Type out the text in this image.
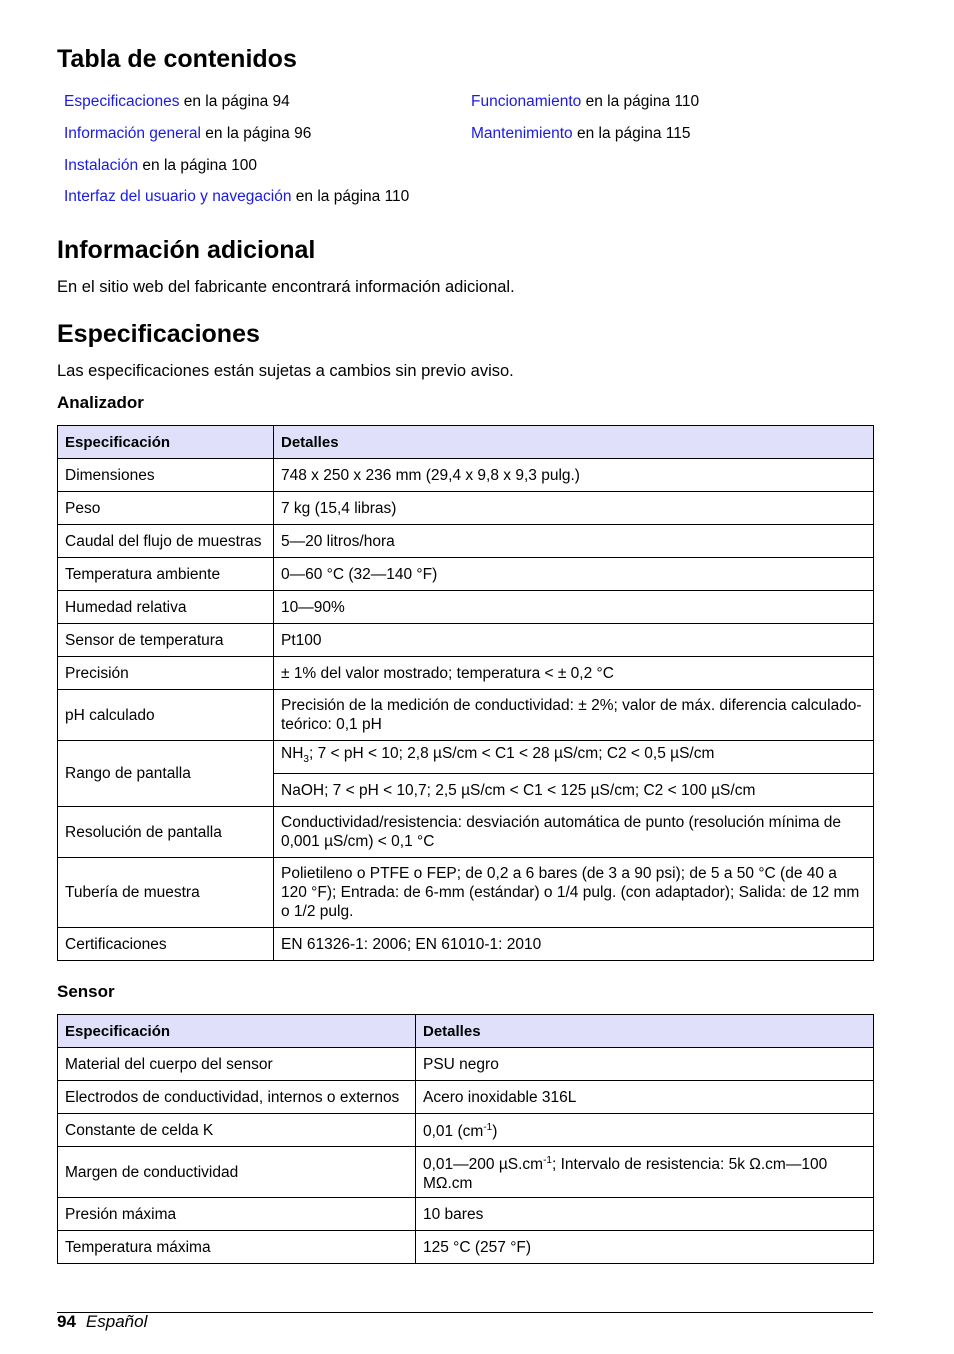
Tabla de contenidos
Especificaciones en la página 94
Información general en la página 96
Instalación en la página 100
Interfaz del usuario y navegación en la página 110
Funcionamiento en la página 110
Mantenimiento en la página 115
Información adicional

En el sitio web del fabricante encontrará información adicional.

Especificaciones

Las especificaciones están sujetas a cambios sin previo aviso.

Analizador
Especificación	Detalles
Dimensiones	748 x 250 x 236 mm (29,4 x 9,8 x 9,3 pulg.)
Peso	7 kg (15,4 libras)
Caudal del flujo de muestras	5—20 litros/hora
Temperatura ambiente	0—60 °C (32—140 °F)
Humedad relativa	10—90%
Sensor de temperatura	Pt100
Precisión	± 1% del valor mostrado; temperatura < ± 0,2 °C
pH calculado	Precisión de la medición de conductividad: ± 2%; valor de máx. diferencia calculado-teórico: 0,1 pH
Rango de pantalla	$NH_3$; 7 < pH < 10; 2,8 µS/cm < C1 < 28 µS/cm; C2 < 0,5 µS/cm
	NaOH; 7 < pH < 10,7; 2,5 µS/cm < C1 < 125 µS/cm; C2 < 100 µS/cm
Resolución de pantalla	Conductividad/resistencia: desviación automática de punto (resolución mínima de 0,001 µS/cm) < 0,1 °C
Tubería de muestra	Polietileno o PTFE o FEP; de 0,2 a 6 bares (de 3 a 90 psi); de 5 a 50 °C (de 40 a 120 °F); Entrada: de 6-mm (estándar) o 1/4 pulg. (con adaptador); Salida: de 12 mm o 1/2 pulg.
Certificaciones	EN 61326-1: 2006; EN 61010-1: 2010
Sensor
Especificación	Detalles
Material del cuerpo del sensor	PSU negro
Electrodos de conductividad, internos o externos	Acero inoxidable 316L
Constante de celda K	0,01 $(cm^{-1})$
Margen de conductividad	0,01—200 $\mu S.cm^{-1}$; Intervalo de resistencia: 5k Ω.cm—100 MΩ.cm
Presión máxima	10 bares
Temperatura máxima	125 °C (257 °F)
94 Español
